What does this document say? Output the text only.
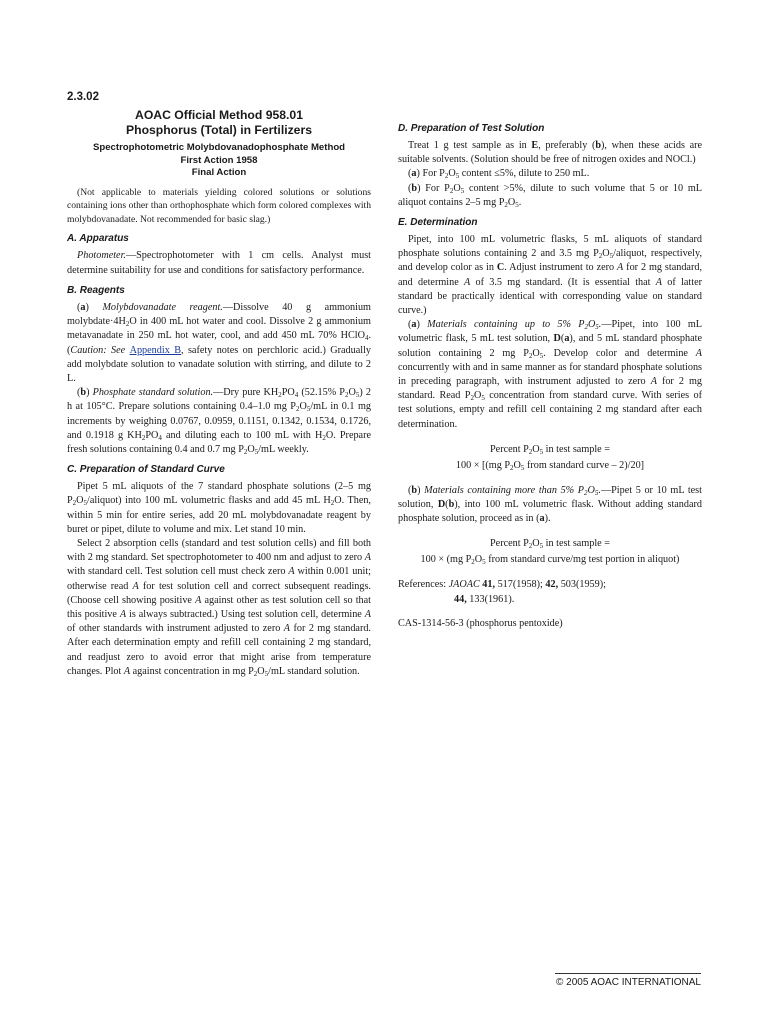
2.3.02
AOAC Official Method 958.01
Phosphorus (Total) in Fertilizers
Spectrophotometric Molybdovanadophosphate Method
First Action 1958
Final Action

(Not applicable to materials yielding colored solutions or solutions containing ions other than orthophosphate which form colored complexes with molybdovanadate. Not recommended for basic slag.)

A. Apparatus

Photometer.—Spectrophotometer with 1 cm cells. Analyst must determine suitability for use and conditions for satisfactory performance.

B. Reagents

(a) Molybdovanadate reagent.—Dissolve 40 g ammonium $molybdate\cdot 4H_2O$ in 400 mL hot water and cool. Dissolve 2 g ammonium metavanadate in 250 mL hot water, cool, and add 450 mL 70% HClO$_4$. (Caution: See Appendix B, safety notes on perchloric acid.) Gradually add molybdate solution to vanadate solution with stirring, and dilute to 2 L.

(b) Phosphate standard solution.—Dry pure $KH_2PO_4$ (52.15% $P_2O_5$) 2 h at 105°C. Prepare solutions containing 0.4–1.0 mg $P_2O_5/mL$ in 0.1 mg increments by weighing 0.0767, 0.0959, 0.1151, 0.1342, 0.1534, 0.1726, and 0.1918 g $KH_2PO_4$ and diluting each to 100 mL with $H_2O$. Prepare fresh solutions containing 0.4 and 0.7 mg $P_2O_5/mL$ weekly.

C. Preparation of Standard Curve

Pipet 5 mL aliquots of the 7 standard phosphate solutions (2–5 mg $P_2O_5/aliquot$) into 100 mL volumetric flasks and add 45 mL $H_2O$. Then, within 5 min for entire series, add 20 mL molybdovanadate reagent by buret or pipet, dilute to volume and mix. Let stand 10 min.

Select 2 absorption cells (standard and test solution cells) and fill both with 2 mg standard. Set spectrophotometer to 400 nm and adjust to zero A with standard cell. Test solution cell must check zero A within 0.001 unit; otherwise read A for test solution cell and correct subsequent readings. (Choose cell showing positive A against other as test solution cell so that this positive A is always subtracted.) Using test solution cell, determine A of other standards with instrument adjusted to zero A for 2 mg standard. After each determination empty and refill cell containing 2 mg standard, and readjust zero to avoid error that might arise from temperature changes. Plot A against concentration in mg $P_2O_5/mL$ standard solution.

D. Preparation of Test Solution

Treat 1 g test sample as in E, preferably (b), when these acids are suitable solvents. (Solution should be free of nitrogen oxides and NOCl.)

(a) For $P_2O_5$ content ≤5%, dilute to 250 mL.

(b) For $P_2O_5$ content >5%, dilute to such volume that 5 or 10 mL aliquot contains 2–5 mg $P_2O_5$.

E. Determination

Pipet, into 100 mL volumetric flasks, 5 mL aliquots of standard phosphate solutions containing 2 and 3.5 mg $P_2O_5$/aliquot, respectively, and develop color as in C. Adjust instrument to zero A for 2 mg standard, and determine A of 3.5 mg standard. (It is essential that A of latter standard be practically identical with corresponding value on standard curve.)

(a) Materials containing up to 5% $P_2O_5.—Pipet$, into 100 mL volumetric flask, 5 mL test solution, D(a), and 5 mL standard phosphate solution containing 2 mg $P_2O_5$. Develop color and determine A concurrently with and in same manner as for standard phosphate solutions in preceding paragraph, with instrument adjusted to zero A for 2 mg standard. Read $P_2O_5$ concentration from standard curve. With series of test solutions, empty and refill cell containing 2 mg standard after each determination.

Percent $P_2O_5$ in test sample =

100 × [(mg $P_2O_5$ from standard curve – 2)/20]

(b) Materials containing more than 5% $P_2O_5.—Pipet$ 5 or 10 mL test solution, D(b), into 100 mL volumetric flask. Without adding standard phosphate solution, proceed as in (a).

Percent $P_2O_5$ in test sample =

100 × (mg $P_2O_5$ from standard curve/mg test portion in aliquot)

References: JAOAC 41, 517(1958); 42, 503(1959);

44, 133(1961).

CAS-1314-56-3 (phosphorus pentoxide)

© 2005 AOAC INTERNATIONAL
